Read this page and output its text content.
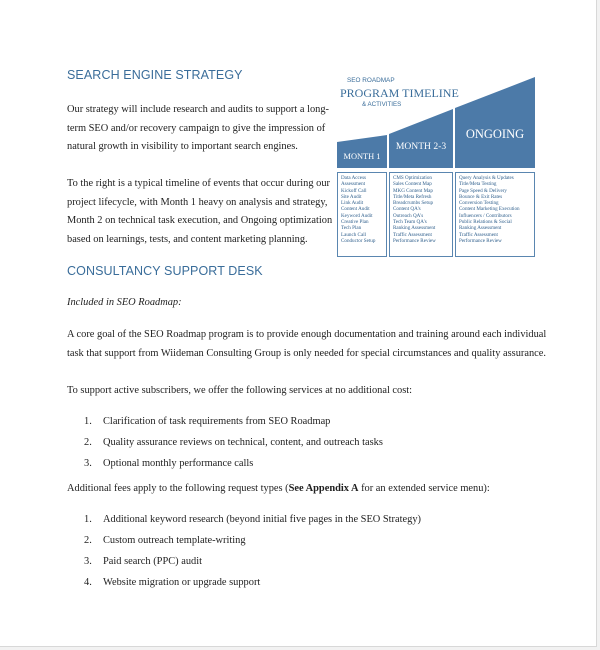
SEARCH ENGINE STRATEGY
Our strategy will include research and audits to support a long-
term SEO and/or recovery campaign to give the impression of
natural growth in visibility to important search engines.
To the right is a typical timeline of events that occur during our
project lifecycle, with Month 1 heavy on analysis and strategy,
Month 2 on technical task execution, and Ongoing optimization
based on learnings, tests, and content marketing planning.
SEO ROADMAP
PROGRAM TIMELINE
& ACTIVITIES
MONTH 1
MONTH 2-3
ONGOING
Data Access
Assessment
Kickoff Call
Site Audit
Link Audit
Content Audit
Keyword Audit
Creative Plan
Tech Plan
Launch Call
Conductor Setup
CMS Optimization
Sales Content Map
MKG Content Map
Title/Meta Refresh
Breadcrumbs Setup
Content QA's
Outreach QA's
Tech Team QA's
Ranking Assessment
Traffic Assessment
Performance Review
Query Analysis & Updates
Title/Meta Testing
Page Speed & Delivery
Bounce & Exit Rates
Conversion Testing
Content Marketing Execution
Influencers / Contributors
Public Relations & Social
Ranking Assessment
Traffic Assessment
Performance Review
CONSULTANCY SUPPORT DESK
Included in SEO Roadmap:
A core goal of the SEO Roadmap program is to provide enough documentation and training around each individual
task that support from Wiideman Consulting Group is only needed for special circumstances and quality assurance.
To support active subscribers, we offer the following services at no additional cost:
1. Clarification of task requirements from SEO Roadmap
2. Quality assurance reviews on technical, content, and outreach tasks
3. Optional monthly performance calls
Additional fees apply to the following request types (See Appendix A for an extended service menu):
1. Additional keyword research (beyond initial five pages in the SEO Strategy)
2. Custom outreach template-writing
3. Paid search (PPC) audit
4. Website migration or upgrade support
